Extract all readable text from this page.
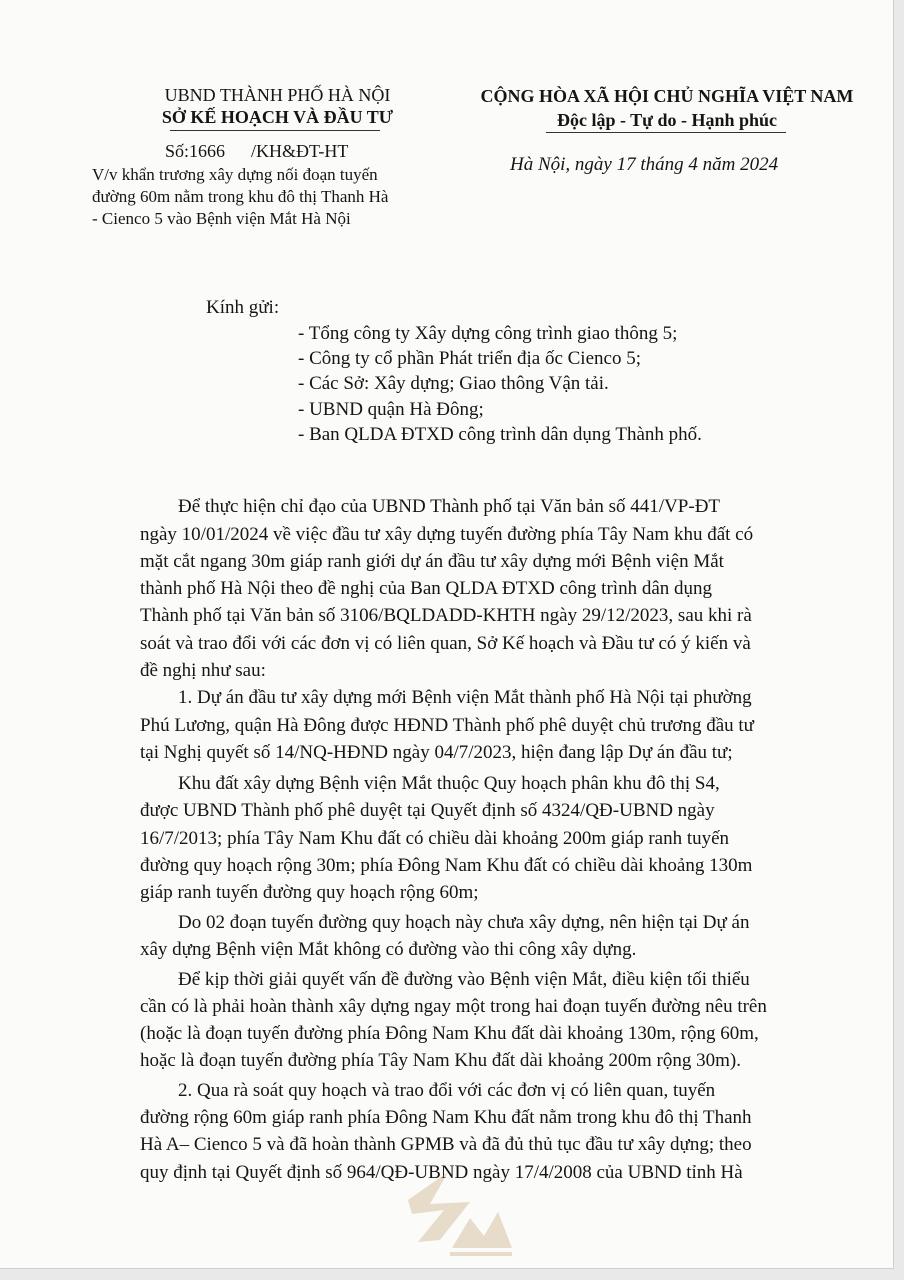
UBND THÀNH PHỐ HÀ NỘI
SỞ KẾ HOẠCH VÀ ĐẦU TƯ
CỘNG HÒA XÃ HỘI CHỦ NGHĨA VIỆT NAM
Độc lập - Tự do - Hạnh phúc
Số:1666 /KH&ĐT-HT
V/v khẩn trương xây dựng nối đoạn tuyến
đường 60m nằm trong khu đô thị Thanh Hà
- Cienco 5 vào Bệnh viện Mắt Hà Nội
Hà Nội, ngày 17 tháng 4 năm 2024
Kính gửi:
- Tổng công ty Xây dựng công trình giao thông 5;
- Công ty cổ phần Phát triển địa ốc Cienco 5;
- Các Sở: Xây dựng; Giao thông Vận tải.
- UBND quận Hà Đông;
- Ban QLDA ĐTXD công trình dân dụng Thành phố.
Để thực hiện chỉ đạo của UBND Thành phố tại Văn bản số 441/VP-ĐT
ngày 10/01/2024 về việc đầu tư xây dựng tuyến đường phía Tây Nam khu đất có
mặt cắt ngang 30m giáp ranh giới dự án đầu tư xây dựng mới Bệnh viện Mắt
thành phố Hà Nội theo đề nghị của Ban QLDA ĐTXD công trình dân dụng
Thành phố tại Văn bản số 3106/BQLDADD-KHTH ngày 29/12/2023, sau khi rà
soát và trao đổi với các đơn vị có liên quan, Sở Kế hoạch và Đầu tư có ý kiến và
đề nghị như sau:
1. Dự án đầu tư xây dựng mới Bệnh viện Mắt thành phố Hà Nội tại phường
Phú Lương, quận Hà Đông được HĐND Thành phố phê duyệt chủ trương đầu tư
tại Nghị quyết số 14/NQ-HĐND ngày 04/7/2023, hiện đang lập Dự án đầu tư;
Khu đất xây dựng Bệnh viện Mắt thuộc Quy hoạch phân khu đô thị S4,
được UBND Thành phố phê duyệt tại Quyết định số 4324/QĐ-UBND ngày
16/7/2013; phía Tây Nam Khu đất có chiều dài khoảng 200m giáp ranh tuyến
đường quy hoạch rộng 30m; phía Đông Nam Khu đất có chiều dài khoảng 130m
giáp ranh tuyến đường quy hoạch rộng 60m;
Do 02 đoạn tuyến đường quy hoạch này chưa xây dựng, nên hiện tại Dự án
xây dựng Bệnh viện Mắt không có đường vào thi công xây dựng.
Để kịp thời giải quyết vấn đề đường vào Bệnh viện Mắt, điều kiện tối thiểu
cần có là phải hoàn thành xây dựng ngay một trong hai đoạn tuyến đường nêu trên
(hoặc là đoạn tuyến đường phía Đông Nam Khu đất dài khoảng 130m, rộng 60m,
hoặc là đoạn tuyến đường phía Tây Nam Khu đất dài khoảng 200m rộng 30m).
2. Qua rà soát quy hoạch và trao đổi với các đơn vị có liên quan, tuyến
đường rộng 60m giáp ranh phía Đông Nam Khu đất nằm trong khu đô thị Thanh
Hà A– Cienco 5 và đã hoàn thành GPMB và đã đủ thủ tục đầu tư xây dựng; theo
quy định tại Quyết định số 964/QĐ-UBND ngày 17/4/2008 của UBND tỉnh Hà
